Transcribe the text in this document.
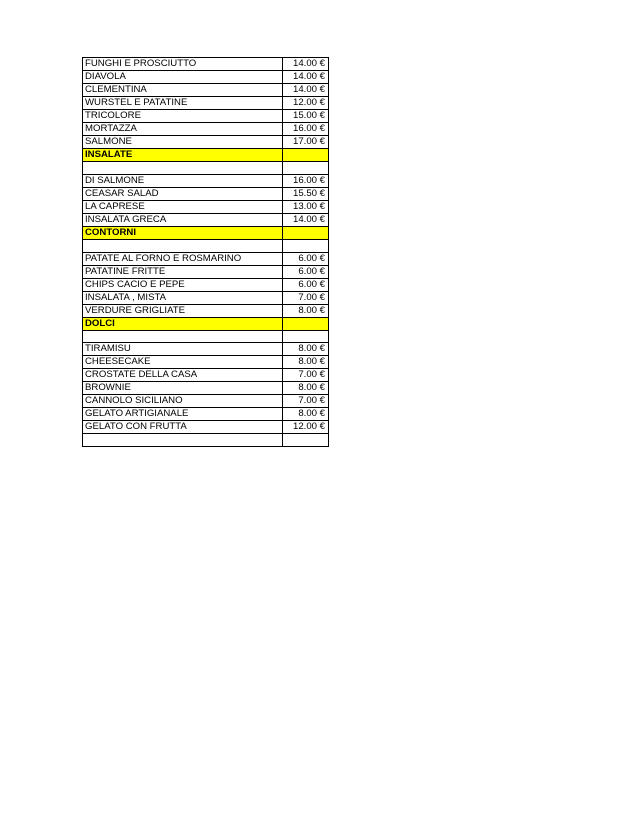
FUNGHI E PROSCIUTTO	14.00 €
DIAVOLA	14.00 €
CLEMENTINA	14.00 €
WURSTEL E PATATINE	12.00 €
TRICOLORE	15.00 €
MORTAZZA	16.00 €
SALMONE	17.00 €
INSALATE	

DI SALMONE	16.00 €
CEASAR SALAD	15.50 €
LA CAPRESE	13.00 €
INSALATA GRECA	14.00 €
CONTORNI	

PATATE AL FORNO E ROSMARINO	6.00 €
PATATINE FRITTE	6.00 €
CHIPS CACIO E PEPE	6.00 €
INSALATA , MISTA	7.00 €
VERDURE GRIGLIATE	8.00 €
DOLCI	

TIRAMISU	8.00 €
CHEESECAKE	8.00 €
CROSTATE DELLA CASA	7.00 €
BROWNIE	8.00 €
CANNOLO SICILIANO	7.00 €
GELATO ARTIGIANALE	8.00 €
GELATO CON FRUTTA	12.00 €
